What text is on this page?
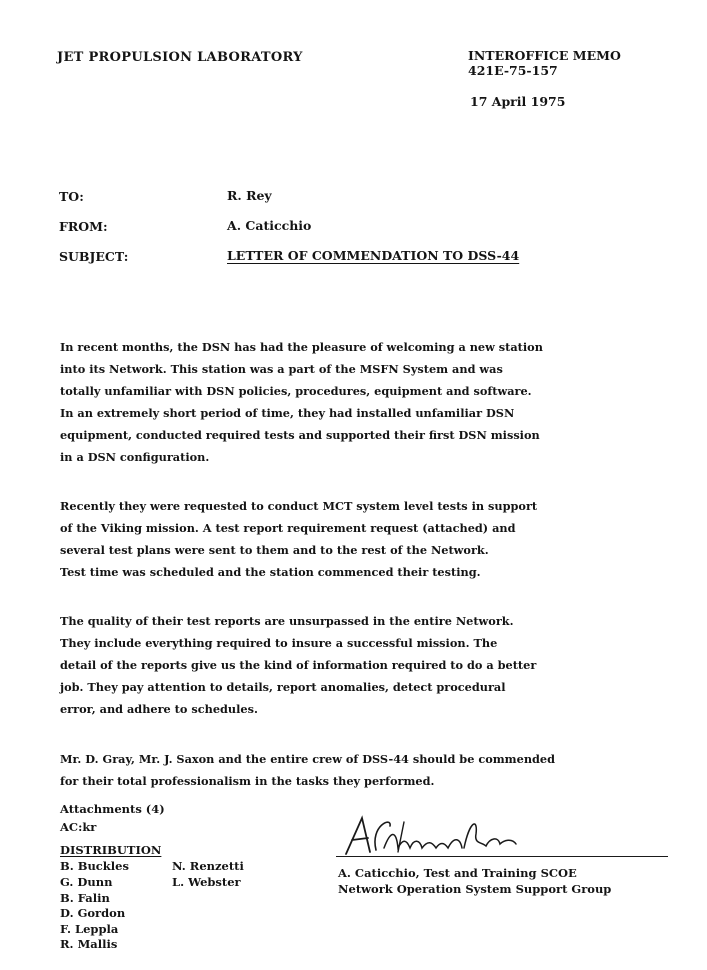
JET PROPULSION LABORATORY	INTEROFFICE MEMO
421E-75-157
17 April 1975
TO:	R. Rey
FROM:	A. Caticchio
SUBJECT:	LETTER OF COMMENDATION TO DSS-44
In recent months, the DSN has had the pleasure of welcoming a new station
into its Network. This station was a part of the MSFN System and was
totally unfamiliar with DSN policies, procedures, equipment and software.
In an extremely short period of time, they had installed unfamiliar DSN
equipment, conducted required tests and supported their first DSN mission
in a DSN configuration.
Recently they were requested to conduct MCT system level tests in support
of the Viking mission. A test report requirement request (attached) and
several test plans were sent to them and to the rest of the Network.
Test time was scheduled and the station commenced their testing.
The quality of their test reports are unsurpassed in the entire Network.
They include everything required to insure a successful mission. The
detail of the reports give us the kind of information required to do a better
job. They pay attention to details, report anomalies, detect procedural
error, and adhere to schedules.
Mr. D. Gray, Mr. J. Saxon and the entire crew of DSS-44 should be commended
for their total professionalism in the tasks they performed.
Attachments (4)
AC:kr
DISTRIBUTION
B. Buckles
G. Dunn
B. Falin
D. Gordon
F. Leppla
R. Mallis
N. Renzetti
L. Webster
A. Caticchio, Test and Training SCOE
Network Operation System Support Group
